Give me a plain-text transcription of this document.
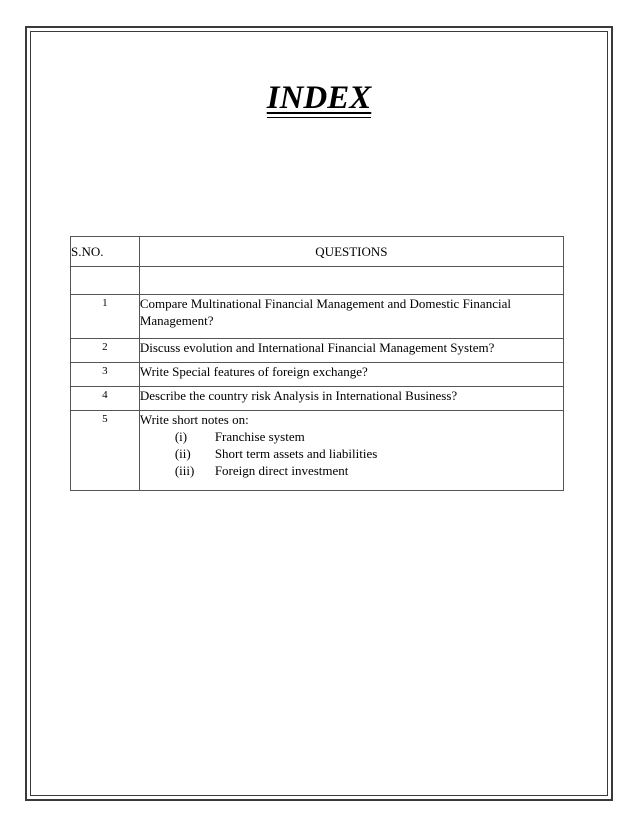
INDEX
S.NO.	QUESTIONS

1	Compare Multinational Financial Management and Domestic Financial Management?
2	Discuss evolution and International Financial Management System?
3	Write Special features of foreign exchange?
4	Describe the country risk Analysis in International Business?
5	Write short notes on:
(i) Franchise system
(ii) Short term assets and liabilities
(iii) Foreign direct investment
